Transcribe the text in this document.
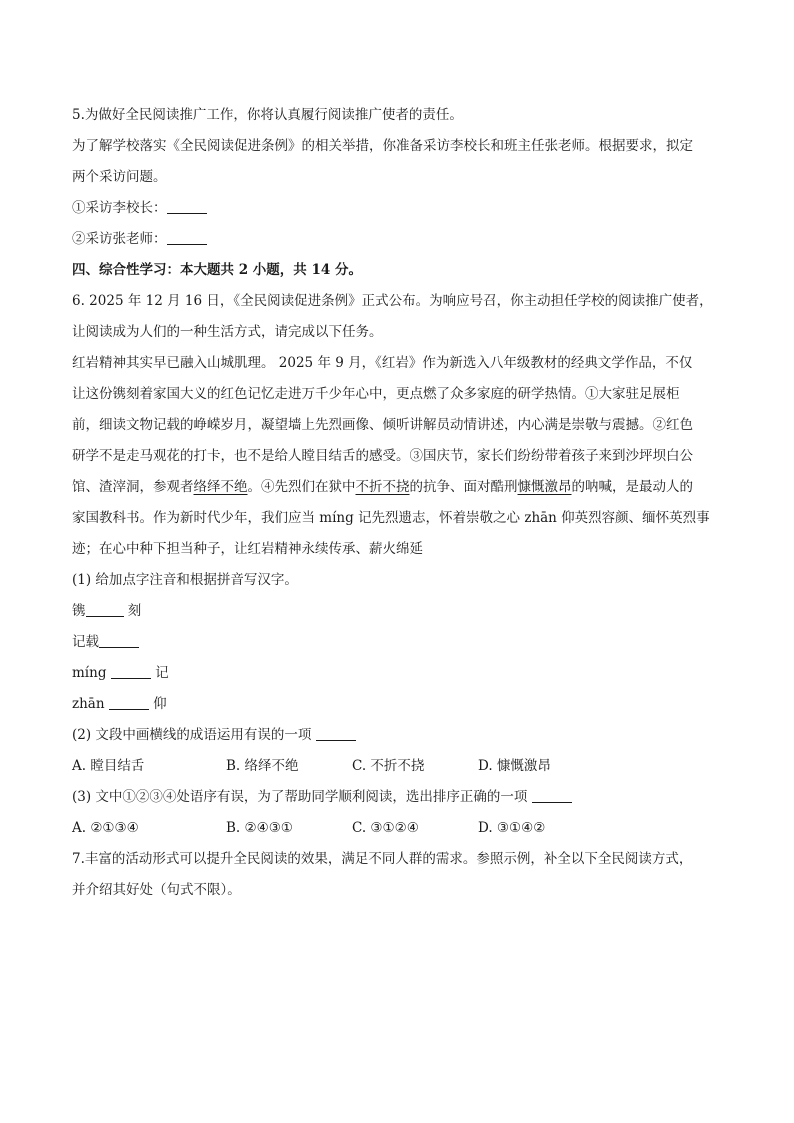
5.为做好全民阅读推广工作，你将认真履行阅读推广使者的责任。
为了解学校落实《全民阅读促进条例》的相关举措，你准备采访李校长和班主任张老师。根据要求，拟定
两个采访问题。
①采访李校长：
②采访张老师：
四、综合性学习：本大题共 2 小题，共 14 分。
6. 2025 年 12 月 16 日，《全民阅读促进条例》正式公布。为响应号召，你主动担任学校的阅读推广使者，
让阅读成为人们的一种生活方式，请完成以下任务。
红岩精神其实早已融入山城肌理。 2025 年 9 月，《红岩》作为新选入八年级教材的经典文学作品，不仅
让这份镌刻着家国大义的红色记忆走进万千少年心中，更点燃了众多家庭的研学热情。①大家驻足展柜
前，细读文物记载的峥嵘岁月，凝望墙上先烈画像、倾听讲解员动情讲述，内心满是崇敬与震撼。②红色
研学不是走马观花的打卡，也不是给人瞠目结舌的感受。③国庆节，家长们纷纷带着孩子来到沙坪坝白公
馆、渣滓洞，参观者络绎不绝。④先烈们在狱中不折不挠的抗争、面对酷刑慷慨激昂的呐喊，是最动人的
家国教科书。作为新时代少年，我们应当 míng 记先烈遗志，怀着崇敬之心 zhān 仰英烈容颜、缅怀英烈事
迹；在心中种下担当种子，让红岩精神永续传承、薪火绵延
(1) 给加点字注音和根据拼音写汉字。
镌	刻
记载
míng	记
zhān	仰
(2) 文段中画横线的成语运用有误的一项
A. 瞠目结舌	B. 络绎不绝	C. 不折不挠	D. 慷慨激昂
(3) 文中①②③④处语序有误，为了帮助同学顺利阅读，选出排序正确的一项
A. ②①③④	B. ②④③①	C. ③①②④	D. ③①④②
7.丰富的活动形式可以提升全民阅读的效果，满足不同人群的需求。参照示例，补全以下全民阅读方式，
并介绍其好处（句式不限）。
